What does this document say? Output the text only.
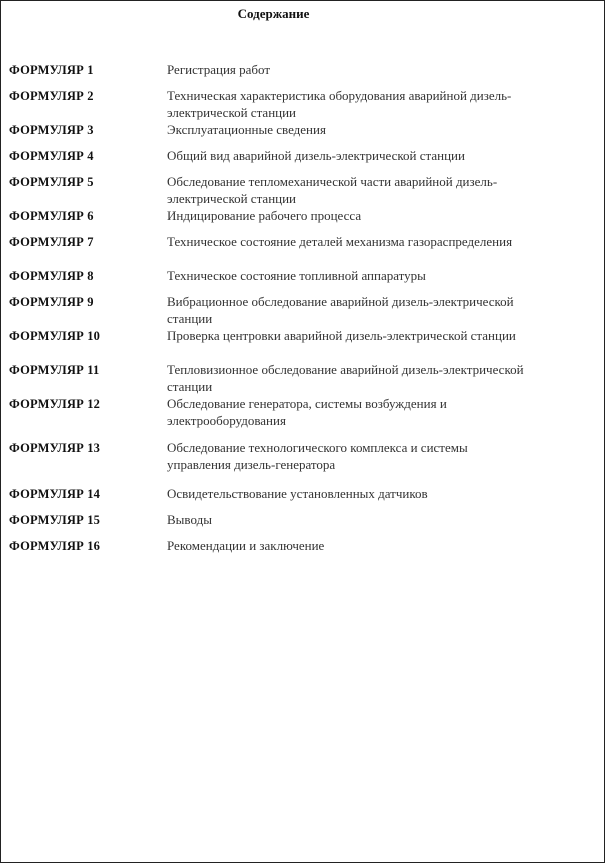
Содержание
ФОРМУЛЯР 1	Регистрация работ
ФОРМУЛЯР 2	Техническая характеристика оборудования аварийной дизель-электрической станции
ФОРМУЛЯР 3	Эксплуатационные сведения
ФОРМУЛЯР 4	Общий вид аварийной дизель-электрической станции
ФОРМУЛЯР 5	Обследование тепломеханической части аварийной дизель-электрической станции
ФОРМУЛЯР 6	Индицирование рабочего процесса
ФОРМУЛЯР 7	Техническое состояние деталей механизма газораспределения
ФОРМУЛЯР 8	Техническое состояние топливной аппаратуры
ФОРМУЛЯР 9	Вибрационное обследование аварийной дизель-электрической станции
ФОРМУЛЯР 10	Проверка центровки аварийной дизель-электрической станции
ФОРМУЛЯР 11	Тепловизионное обследование аварийной дизель-электрической станции
ФОРМУЛЯР 12	Обследование генератора, системы возбуждения и электрооборудования
ФОРМУЛЯР 13	Обследование технологического комплекса и системы управления дизель-генератора
ФОРМУЛЯР 14	Освидетельствование установленных датчиков
ФОРМУЛЯР 15	Выводы
ФОРМУЛЯР 16	Рекомендации и заключение
